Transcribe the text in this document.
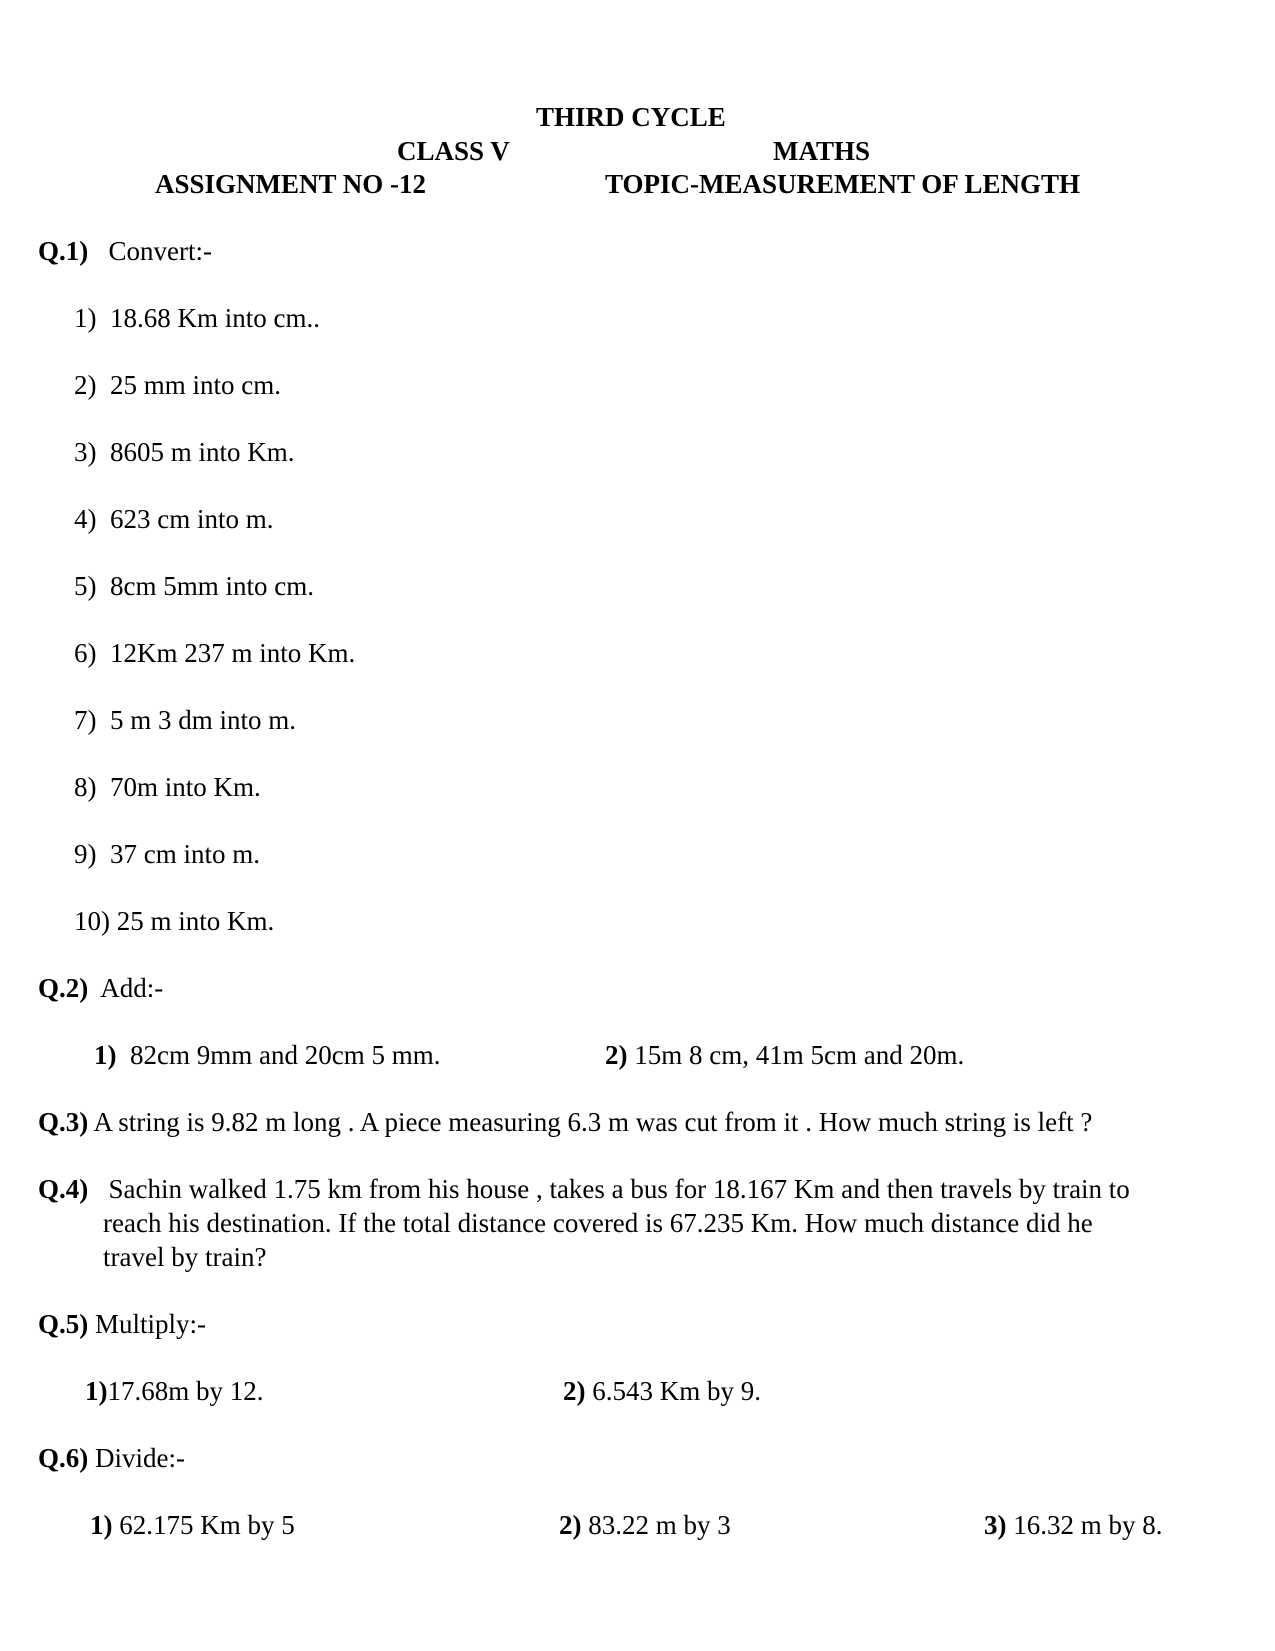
THIRD CYCLE
CLASS V	MATHS
ASSIGNMENT NO -12	TOPIC-MEASUREMENT OF LENGTH
Q.1) Convert:-
1) 18.68 Km into cm..
2) 25 mm into cm.
3) 8605 m into Km.
4) 623 cm into m.
5) 8cm 5mm into cm.
6) 12Km 237 m into Km.
7) 5 m 3 dm into m.
8) 70m into Km.
9) 37 cm into m.
10) 25 m into Km.
Q.2) Add:-
1) 82cm 9mm and 20cm 5 mm.	2) 15m 8 cm, 41m 5cm and 20m.
Q.3) A string is 9.82 m long . A piece measuring 6.3 m was cut from it . How much string is left ?
Q.4) Sachin walked 1.75 km from his house , takes a bus for 18.167 Km and then travels by train to
reach his destination. If the total distance covered is 67.235 Km. How much distance did he
travel by train?
Q.5) Multiply:-
1)17.68m by 12.	2) 6.543 Km by 9.
Q.6) Divide:-
1) 62.175 Km by 5	2) 83.22 m by 3	3) 16.32 m by 8.
